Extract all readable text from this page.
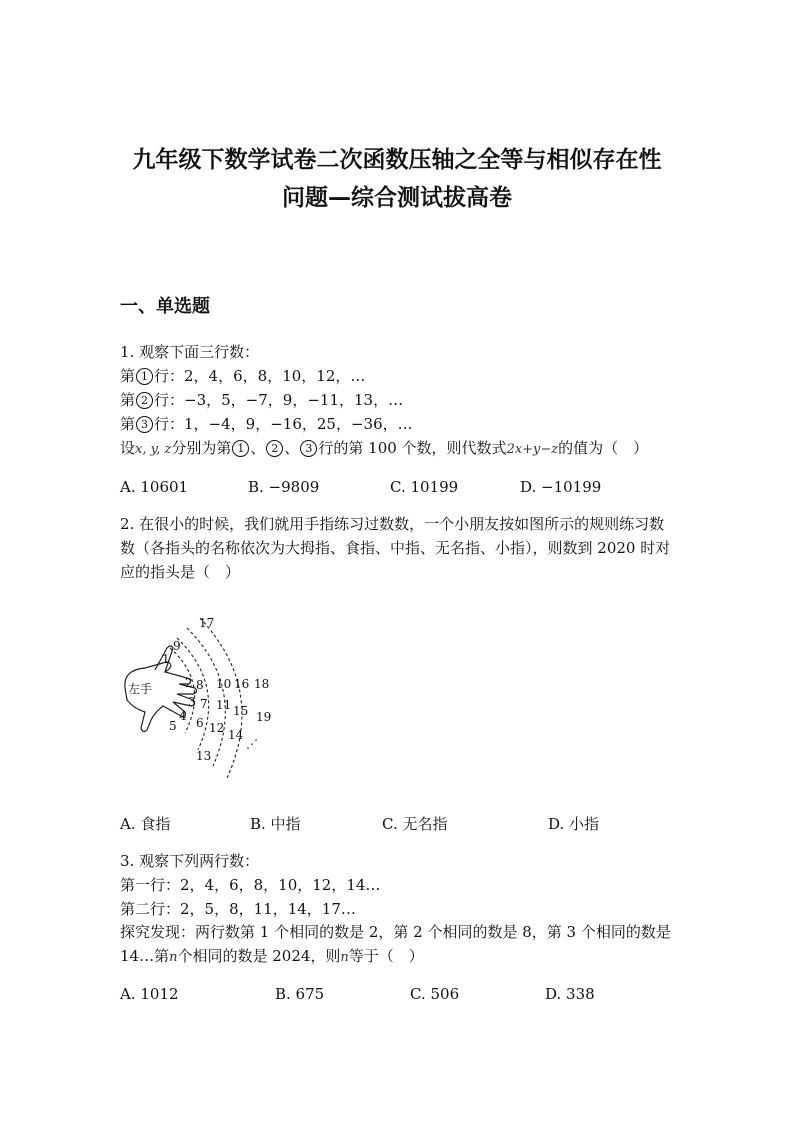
九年级下数学试卷二次函数压轴之全等与相似存在性
问题—综合测试拔高卷
一、单选题
1. 观察下面三行数：
第 1 行：2，4，6，8，10，12，…
第 2 行：−3，5，−7，9，−11，13，…
第 3 行：1，−4，9，−16，25，−36，…
设x, y, z分别为第 1 、 2 、 3 行的第 100 个数，则代数式2x+y−z的值为（　）
A. 10601	B. −9809	C. 10199	D. −10199
2. 在很小的时候，我们就用手指练习过数数，一个小朋友按如图所示的规则练习数数（各指头的名称依次为大拇指、食指、中指、无名指、小指），则数到 2020 时对应的指头是（　）
左手
1
2
3
4
5 6
7
8
9
10
11
12
13
14
15
16
17
18
19
⋰
A. 食指	B. 中指	C. 无名指	D. 小指
3. 观察下列两行数：
第一行：2，4，6，8，10，12，14…
第二行：2，5，8，11，14，17…
探究发现：两行数第 1 个相同的数是 2，第 2 个相同的数是 8，第 3 个相同的数是 14…第n个相同的数是 2024，则n等于（　）
A. 1012	B. 675	C. 506	D. 338
